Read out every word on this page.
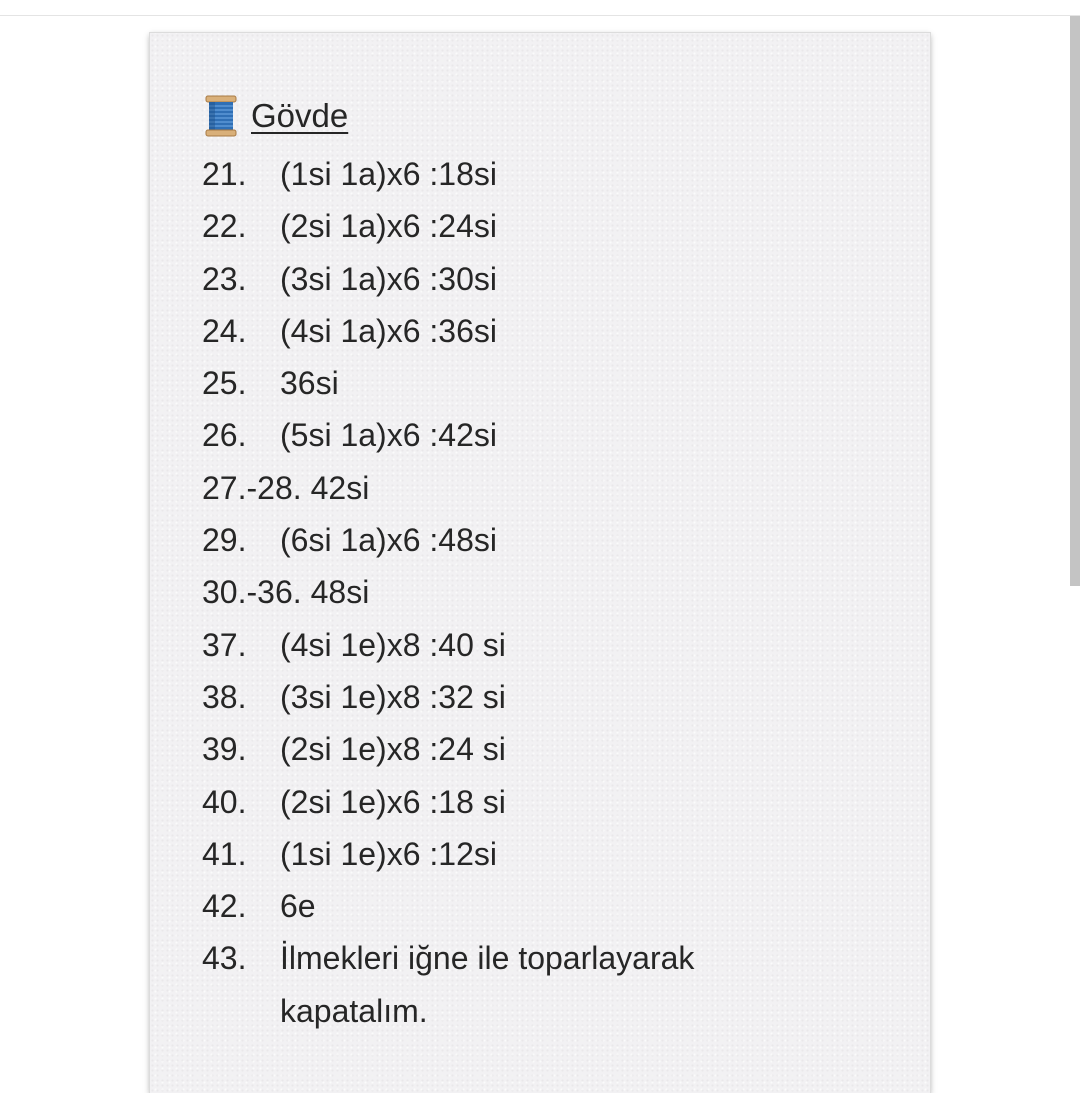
Gövde
21.	(1si 1a)x6 :18si
22.	(2si 1a)x6 :24si
23.	(3si 1a)x6 :30si
24.	(4si 1a)x6 :36si
25.	36si
26.	(5si 1a)x6 :42si
27.-28. 42si
29.	(6si 1a)x6 :48si
30.-36. 48si
37.	(4si 1e)x8 :40 si
38.	(3si 1e)x8 :32 si
39.	(2si 1e)x8 :24 si
40.	(2si 1e)x6 :18 si
41.	(1si 1e)x6 :12si
42.	6e
43.	İlmekleri iğne ile toparlayarak kapatalım.
